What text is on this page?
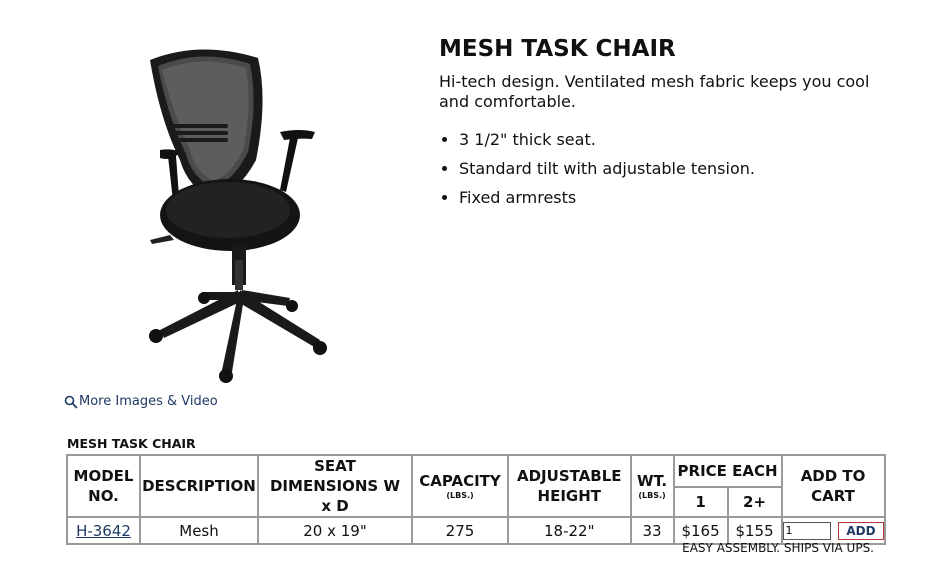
More Images & Video
MESH TASK CHAIR

Hi-tech design. Ventilated mesh fabric keeps you cool and comfortable.

• 3 1/2" thick seat.
• Standard tilt with adjustable tension.
• Fixed armrests
MESH TASK CHAIR
MODEL NO.	DESCRIPTION	SEAT DIMENSIONS W x D	CAPACITY
(LBS.)	ADJUSTABLE HEIGHT	WT.
(LBS.)	PRICE EACH		ADD TO CART
						1	2+	
H-3642	Mesh	20 x 19"	275	18-22"	33	$165	$155	1ADD
EASY ASSEMBLY. SHIPS VIA UPS.
